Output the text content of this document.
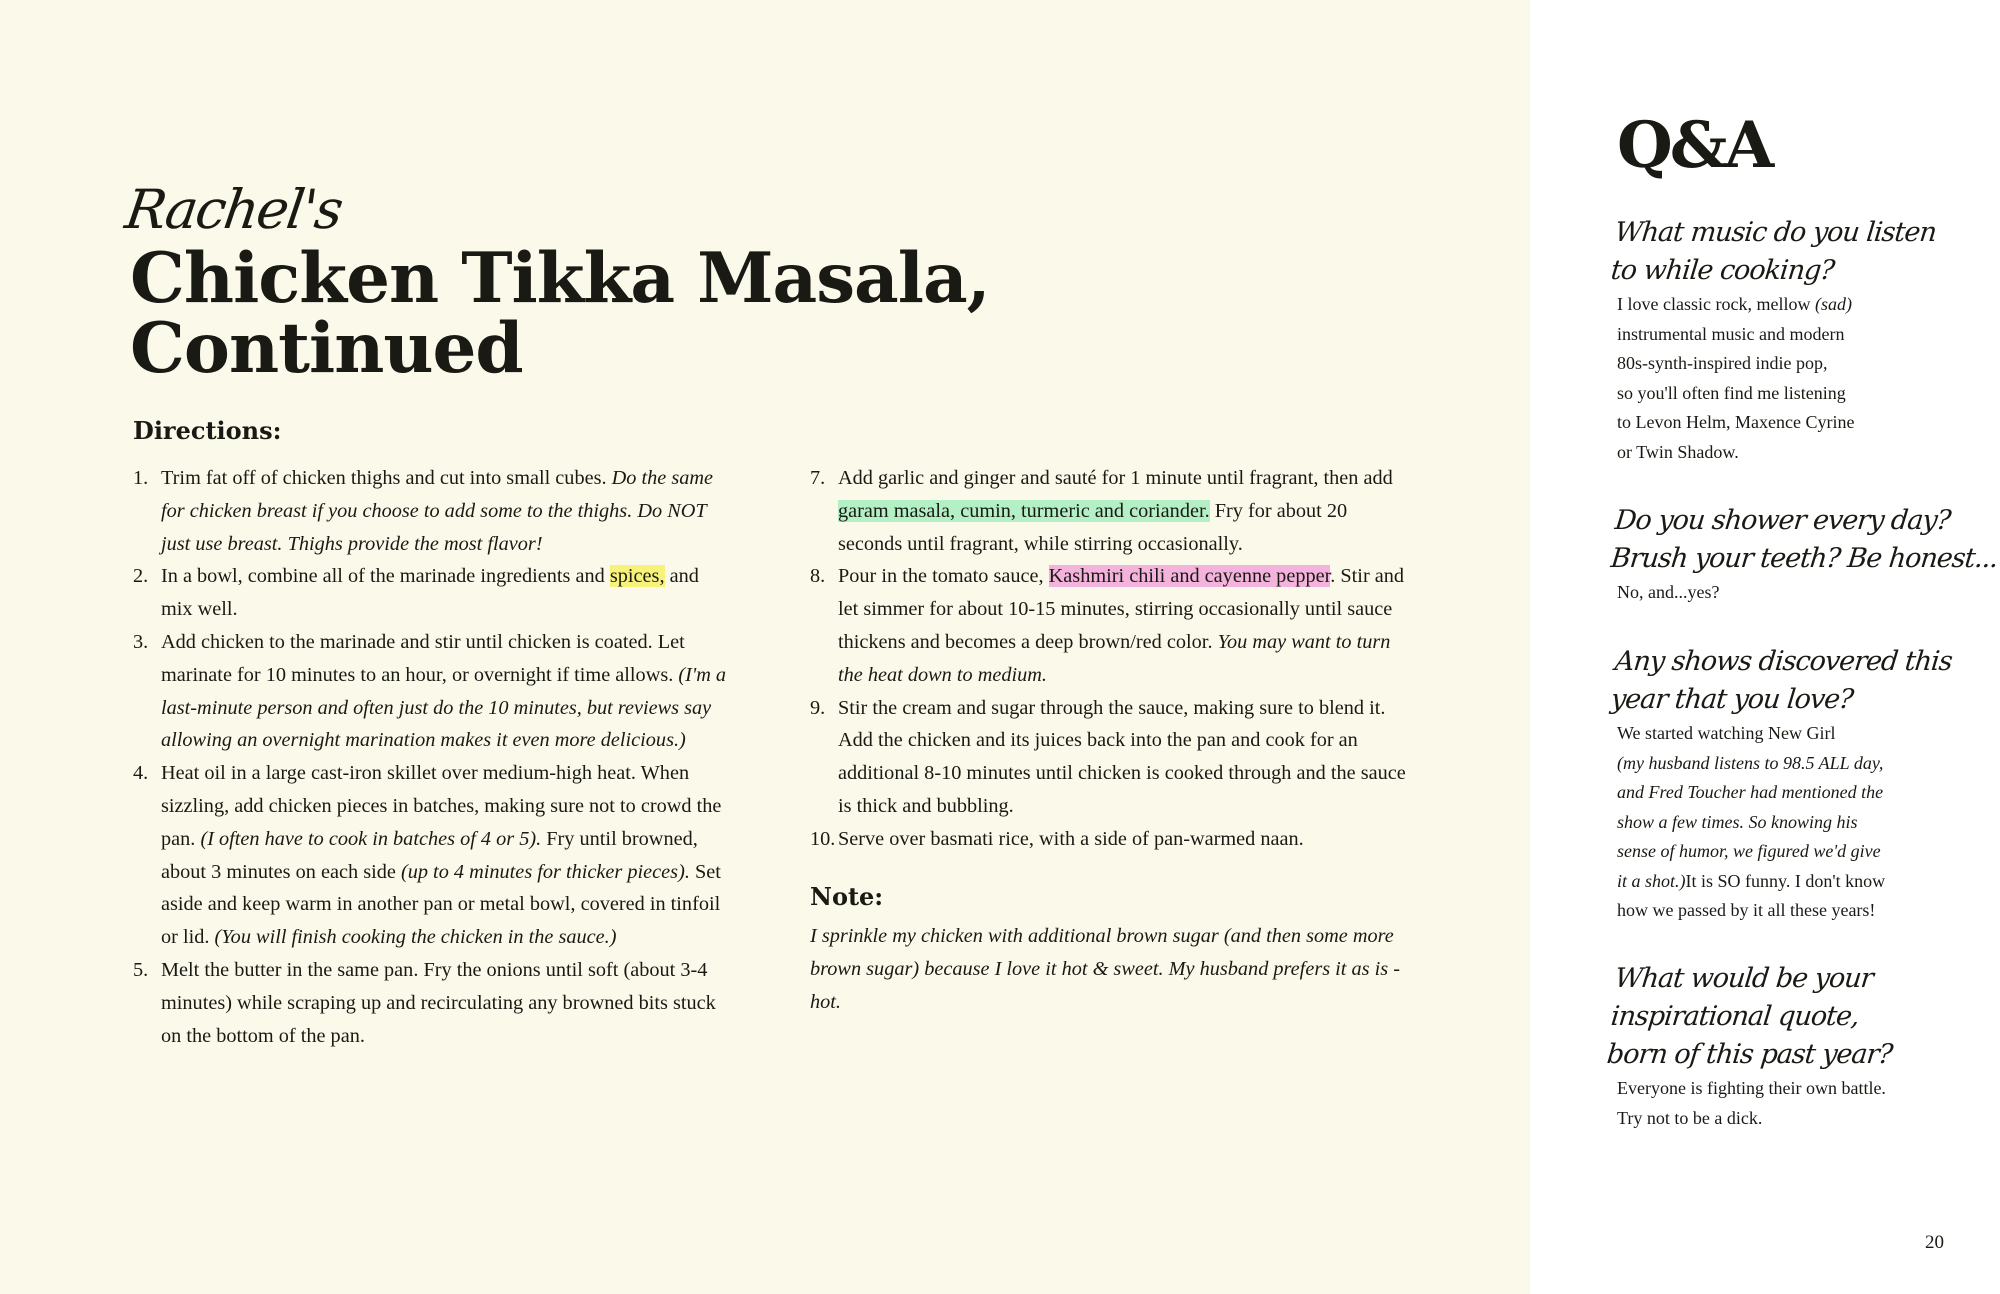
Rachel's
Chicken Tikka Masala,
Continued
Directions:
1. Trim fat off of chicken thighs and cut into small cubes. Do the same for chicken breast if you choose to add some to the thighs. Do NOT just use breast. Thighs provide the most flavor!
2. In a bowl, combine all of the marinade ingredients and spices, and mix well.
3. Add chicken to the marinade and stir until chicken is coated. Let marinate for 10 minutes to an hour, or overnight if time allows. (I'm a last-minute person and often just do the 10 minutes, but reviews say allowing an overnight marination makes it even more delicious.)
4. Heat oil in a large cast-iron skillet over medium-high heat. When sizzling, add chicken pieces in batches, making sure not to crowd the pan. (I often have to cook in batches of 4 or 5). Fry until browned, about 3 minutes on each side (up to 4 minutes for thicker pieces). Set aside and keep warm in another pan or metal bowl, covered in tinfoil or lid. (You will finish cooking the chicken in the sauce.)
5. Melt the butter in the same pan. Fry the onions until soft (about 3-4 minutes) while scraping up and recirculating any browned bits stuck on the bottom of the pan.
7. Add garlic and ginger and sauté for 1 minute until fragrant, then add garam masala, cumin, turmeric and coriander. Fry for about 20 seconds until fragrant, while stirring occasionally.
8. Pour in the tomato sauce, Kashmiri chili and cayenne pepper. Stir and let simmer for about 10-15 minutes, stirring occasionally until sauce thickens and becomes a deep brown/red color. You may want to turn the heat down to medium.
9. Stir the cream and sugar through the sauce, making sure to blend it. Add the chicken and its juices back into the pan and cook for an additional 8-10 minutes until chicken is cooked through and the sauce is thick and bubbling.
10. Serve over basmati rice, with a side of pan-warmed naan.
Note:

I sprinkle my chicken with additional brown sugar (and then some more brown sugar) because I love it hot & sweet. My husband prefers it as is - hot.

Q&A
What music do you listen
to while cooking?
I love classic rock, mellow (sad)
instrumental music and modern
80s-synth-inspired indie pop,
so you'll often find me listening
to Levon Helm, Maxence Cyrine
or Twin Shadow.
Do you shower every day?
Brush your teeth? Be honest...
No, and...yes?
Any shows discovered this
year that you love?
We started watching New Girl
(my husband listens to 98.5 ALL day,
and Fred Toucher had mentioned the
show a few times. So knowing his
sense of humor, we figured we'd give
it a shot.)It is SO funny. I don't know
how we passed by it all these years!
What would be your
inspirational quote,
born of this past year?
Everyone is fighting their own battle.
Try not to be a dick.
20
